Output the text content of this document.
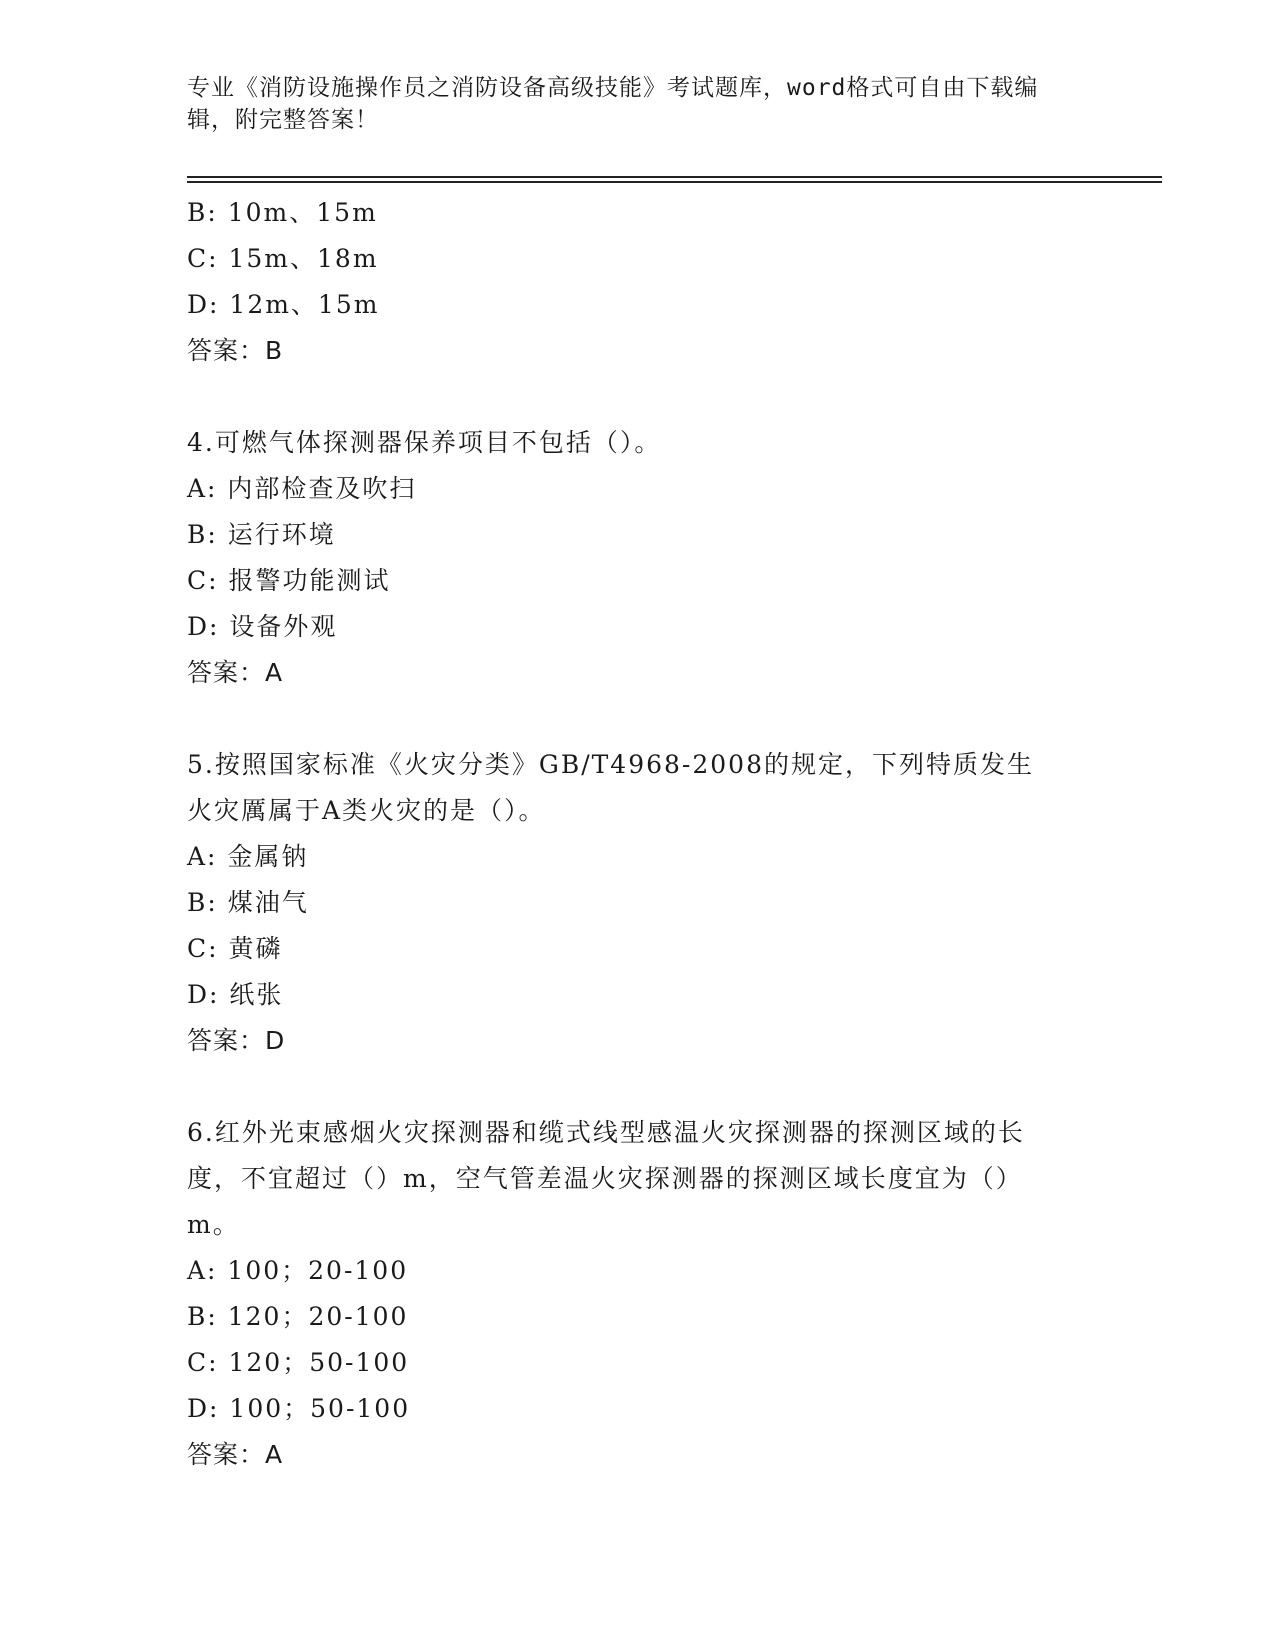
专业《消防设施操作员之消防设备高级技能》考试题库，word格式可自由下载编辑，附完整答案！
B: 10m、15m
C: 15m、18m
D: 12m、15m
答案：B
4.可燃气体探测器保养项目不包括（）。
A: 内部检查及吹扫
B: 运行环境
C: 报警功能测试
D: 设备外观
答案：A
5.按照国家标准《火灾分类》GB/T4968-2008的规定，下列特质发生火灾厲属于A类火灾的是（）。
A: 金属钠
B: 煤油气
C: 黄磷
D: 纸张
答案：D
6.红外光束感烟火灾探测器和缆式线型感温火灾探测器的探测区域的长度，不宜超过（）m，空气管差温火灾探测器的探测区域长度宜为（）m。
A: 100；20-100
B: 120；20-100
C: 120；50-100
D: 100；50-100
答案：A
